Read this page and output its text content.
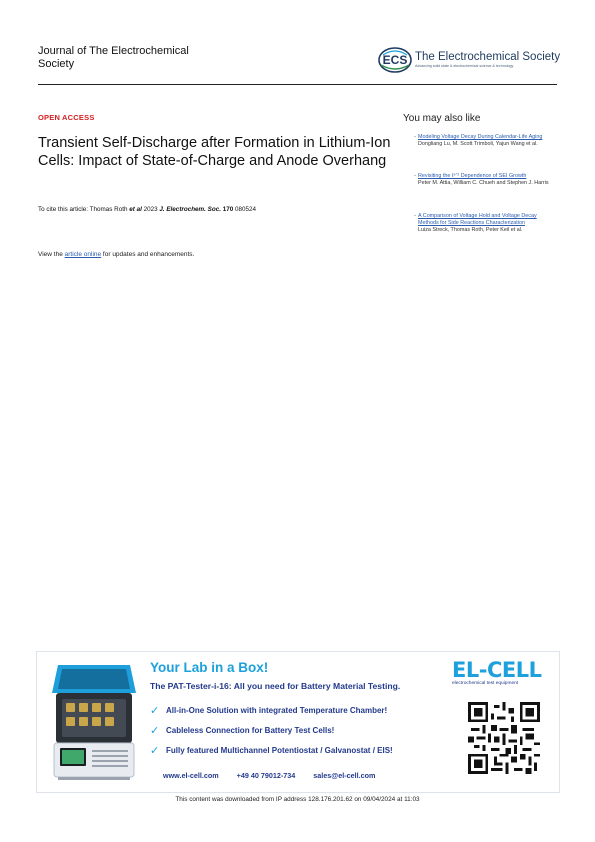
Journal of The Electrochemical
Society	ECS The Electrochemical Society
Advancing solid state & electrochemical science & technology
OPEN ACCESS
Transient Self-Discharge after Formation in Lithium-Ion Cells: Impact of State-of-Charge and Anode Overhang
To cite this article: Thomas Roth et al 2023 J. Electrochem. Soc. 170 080524
View the article online for updates and enhancements.
You may also like
- Modeling Voltage Decay During Calendar-Life Aging
Dongliang Lu, M. Scott Trimboli, Yajun Wang et al.
- Revisiting the t¹ᐟ² Dependence of SEI Growth
Peter M. Attia, William C. Chueh and Stephen J. Harris
- A Comparison of Voltage Hold and Voltage Decay Methods for Side Reactions Characterization
Luiza Streck, Thomas Roth, Peter Keil et al.
Your Lab in a Box!
The PAT-Tester-i-16: All you need for Battery Material Testing.
✓ All-in-One Solution with integrated Temperature Chamber!
✓ Cableless Connection for Battery Test Cells!
✓ Fully featured Multichannel Potentiostat / Galvanostat / EIS!
www.el-cell.com	+49 40 79012-734	sales@el-cell.com
EL-CELL
electrochemical test equipment
This content was downloaded from IP address 128.176.201.62 on 09/04/2024 at 11:03
